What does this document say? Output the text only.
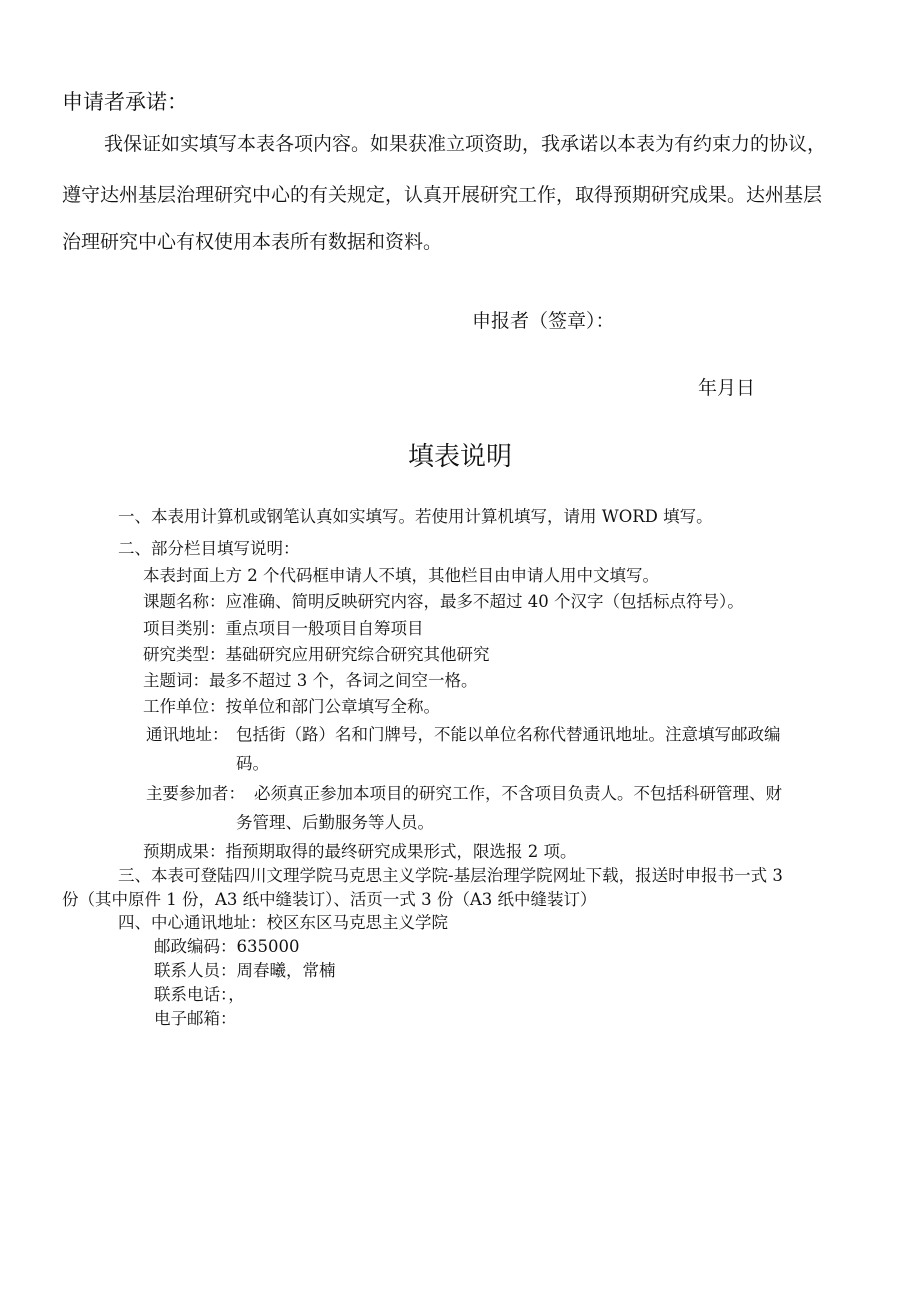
申请者承诺：
我保证如实填写本表各项内容。如果获准立项资助，我承诺以本表为有约束力的协议，
遵守达州基层治理研究中心的有关规定，认真开展研究工作，取得预期研究成果。达州基层
治理研究中心有权使用本表所有数据和资料。
申报者（签章）：
年月日
填表说明
一、本表用计算机或钢笔认真如实填写。若使用计算机填写，请用 WORD 填写。
二、部分栏目填写说明：
本表封面上方 2 个代码框申请人不填，其他栏目由申请人用中文填写。
课题名称：应准确、简明反映研究内容，最多不超过 40 个汉字（包括标点符号）。
项目类别：重点项目一般项目自筹项目
研究类型：基础研究应用研究综合研究其他研究
主题词：最多不超过 3 个，各词之间空一格。
工作单位：按单位和部门公章填写全称。
通讯地址： 包括街（路）名和门牌号，不能以单位名称代替通讯地址。注意填写邮政编
码。
主要参加者： 必须真正参加本项目的研究工作，不含项目负责人。不包括科研管理、财
务管理、后勤服务等人员。
预期成果：指预期取得的最终研究成果形式，限选报 2 项。
三、本表可登陆四川文理学院马克思主义学院-基层治理学院网址下载，报送时申报书一式 3
份（其中原件 1 份，A3 纸中缝装订）、活页一式 3 份（A3 纸中缝装订）
四、中心通讯地址：校区东区马克思主义学院
邮政编码：635000
联系人员：周春曦，常楠
联系电话：，
电子邮箱：
